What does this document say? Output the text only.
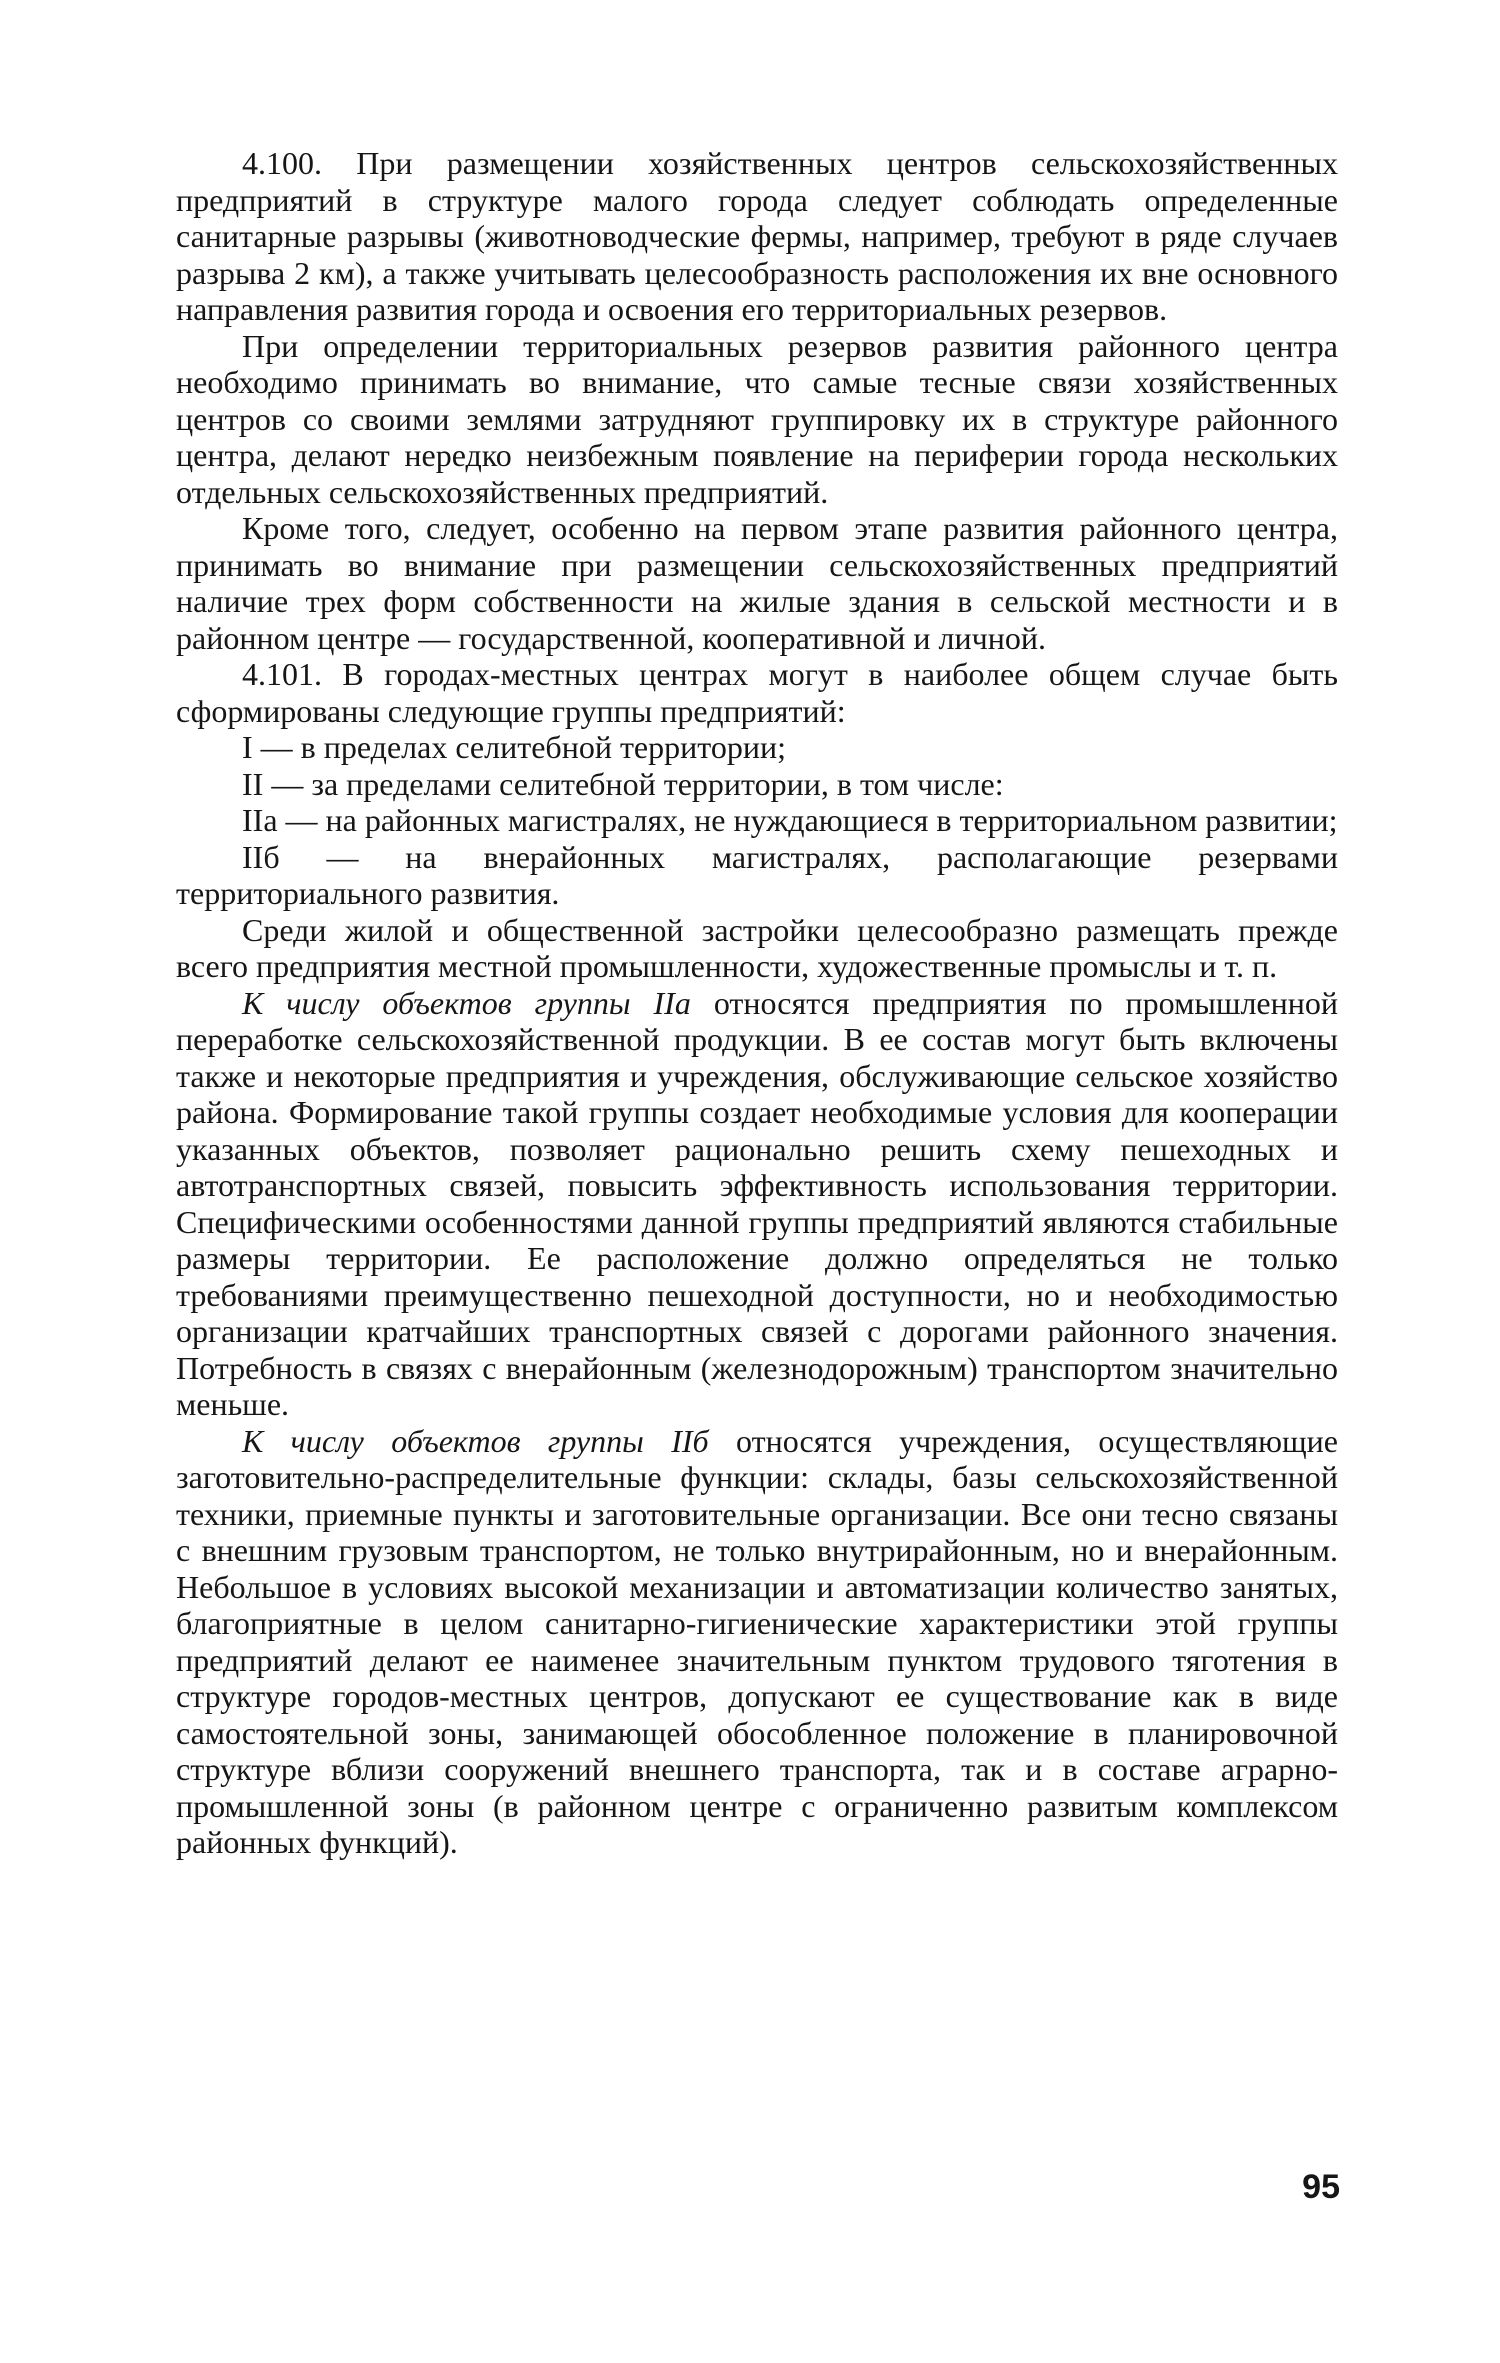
4.100. При размещении хозяйственных центров сельскохозяйственных предприятий в структуре малого города следует соблюдать определенные санитарные разрывы (животноводческие фермы, например, требуют в ряде случаев разрыва 2 км), а также учитывать целесообразность расположения их вне основного направления развития города и освоения его территориальных резервов.

При определении территориальных резервов развития районного центра необходимо принимать во внимание, что самые тесные связи хозяйственных центров со своими землями затрудняют группировку их в структуре районного центра, делают нередко неизбежным появление на периферии города нескольких отдельных сельскохозяйственных предприятий.

Кроме того, следует, особенно на первом этапе развития районного центра, принимать во внимание при размещении сельскохозяйственных предприятий наличие трех форм собственности на жилые здания в сельской местности и в районном центре — государственной, кооперативной и личной.

4.101. В городах-местных центрах могут в наиболее общем случае быть сформированы следующие группы предприятий:

I — в пределах селитебной территории;

II — за пределами селитебной территории, в том числе:

IIа — на районных магистралях, не нуждающиеся в территориальном развитии;

IIб — на внерайонных магистралях, располагающие резервами территориального развития.

Среди жилой и общественной застройки целесообразно размещать прежде всего предприятия местной промышленности, художественные промыслы и т. п.

К числу объектов группы IIа относятся предприятия по промышленной переработке сельскохозяйственной продукции. В ее состав могут быть включены также и некоторые предприятия и учреждения, обслуживающие сельское хозяйство района. Формирование такой группы создает необходимые условия для кооперации указанных объектов, позволяет рационально решить схему пешеходных и автотранспортных связей, повысить эффективность использования территории. Специфическими особенностями данной группы предприятий являются стабильные размеры территории. Ее расположение должно определяться не только требованиями преимущественно пешеходной доступности, но и необходимостью организации кратчайших транспортных связей с дорогами районного значения. Потребность в связях с внерайонным (железнодорожным) транспортом значительно меньше.

К числу объектов группы IIб относятся учреждения, осуществляющие заготовительно-распределительные функции: склады, базы сельскохозяйственной техники, приемные пункты и заготовительные организации. Все они тесно связаны с внешним грузовым транспортом, не только внутрирайонным, но и внерайонным. Небольшое в условиях высокой механизации и автоматизации количество занятых, благоприятные в целом санитарно-гигиенические характеристики этой группы предприятий делают ее наименее значительным пунктом трудового тяготения в структуре городов-местных центров, допускают ее существование как в виде самостоятельной зоны, занимающей обособленное положение в планировочной структуре вблизи сооружений внешнего транспорта, так и в составе аграрно-промышленной зоны (в районном центре с ограниченно развитым комплексом районных функций).

95
